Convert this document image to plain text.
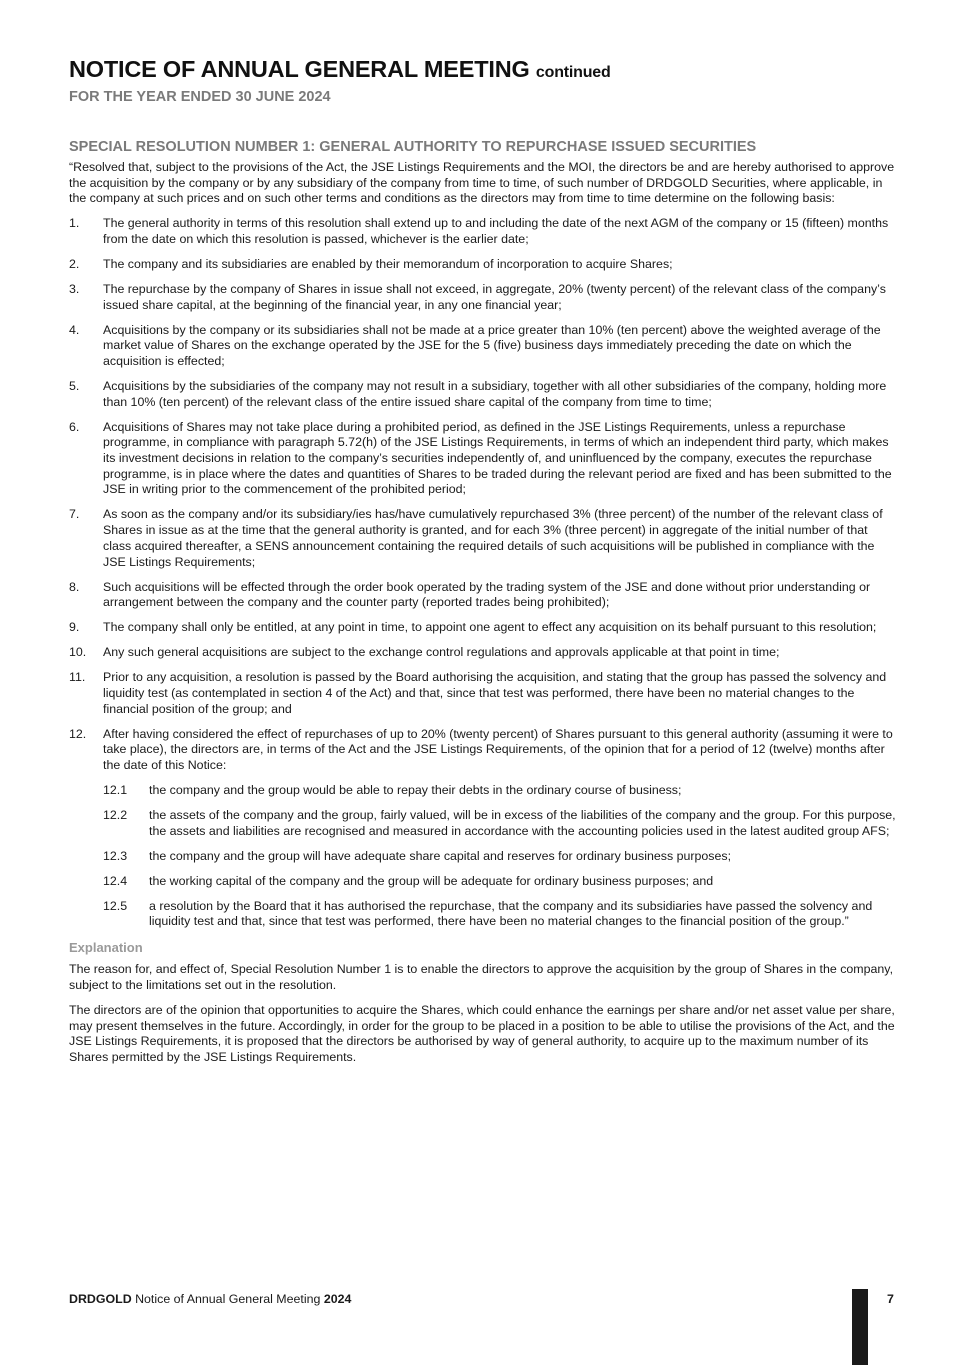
NOTICE OF ANNUAL GENERAL MEETING continued
FOR THE YEAR ENDED 30 JUNE 2024
SPECIAL RESOLUTION NUMBER 1: GENERAL AUTHORITY TO REPURCHASE ISSUED SECURITIES

“Resolved that, subject to the provisions of the Act, the JSE Listings Requirements and the MOI, the directors be and are hereby authorised to approve the acquisition by the company or by any subsidiary of the company from time to time, of such number of DRDGOLD Securities, where applicable, in the company at such prices and on such other terms and conditions as the directors may from time to time determine on the following basis:

1.	The general authority in terms of this resolution shall extend up to and including the date of the next AGM of the company or 15 (fifteen) months from the date on which this resolution is passed, whichever is the earlier date;
2.	The company and its subsidiaries are enabled by their memorandum of incorporation to acquire Shares;
3.	The repurchase by the company of Shares in issue shall not exceed, in aggregate, 20% (twenty percent) of the relevant class of the company’s issued share capital, at the beginning of the financial year, in any one financial year;
4.	Acquisitions by the company or its subsidiaries shall not be made at a price greater than 10% (ten percent) above the weighted average of the market value of Shares on the exchange operated by the JSE for the 5 (five) business days immediately preceding the date on which the acquisition is effected;
5.	Acquisitions by the subsidiaries of the company may not result in a subsidiary, together with all other subsidiaries of the company, holding more than 10% (ten percent) of the relevant class of the entire issued share capital of the company from time to time;
6.	Acquisitions of Shares may not take place during a prohibited period, as defined in the JSE Listings Requirements, unless a repurchase programme, in compliance with paragraph 5.72(h) of the JSE Listings Requirements, in terms of which an independent third party, which makes its investment decisions in relation to the company’s securities independently of, and uninfluenced by the company, executes the repurchase programme, is in place where the dates and quantities of Shares to be traded during the relevant period are fixed and has been submitted to the JSE in writing prior to the commencement of the prohibited period;
7.	As soon as the company and/or its subsidiary/ies has/have cumulatively repurchased 3% (three percent) of the number of the relevant class of Shares in issue as at the time that the general authority is granted, and for each 3% (three percent) in aggregate of the initial number of that class acquired thereafter, a SENS announcement containing the required details of such acquisitions will be published in compliance with the JSE Listings Requirements;
8.	Such acquisitions will be effected through the order book operated by the trading system of the JSE and done without prior understanding or arrangement between the company and the counter party (reported trades being prohibited);
9.	The company shall only be entitled, at any point in time, to appoint one agent to effect any acquisition on its behalf pursuant to this resolution;
10.	Any such general acquisitions are subject to the exchange control regulations and approvals applicable at that point in time;
11.	Prior to any acquisition, a resolution is passed by the Board authorising the acquisition, and stating that the group has passed the solvency and liquidity test (as contemplated in section 4 of the Act) and that, since that test was performed, there have been no material changes to the financial position of the group; and
12.	After having considered the effect of repurchases of up to 20% (twenty percent) of Shares pursuant to this general authority (assuming it were to take place), the directors are, in terms of the Act and the JSE Listings Requirements, of the opinion that for a period of 12 (twelve) months after the date of this Notice:
12.1	the company and the group would be able to repay their debts in the ordinary course of business;
12.2	the assets of the company and the group, fairly valued, will be in excess of the liabilities of the company and the group. For this purpose, the assets and liabilities are recognised and measured in accordance with the accounting policies used in the latest audited group AFS;
12.3	the company and the group will have adequate share capital and reserves for ordinary business purposes;
12.4	the working capital of the company and the group will be adequate for ordinary business purposes; and
12.5	a resolution by the Board that it has authorised the repurchase, that the company and its subsidiaries have passed the solvency and liquidity test and that, since that test was performed, there have been no material changes to the financial position of the group.”
Explanation

The reason for, and effect of, Special Resolution Number 1 is to enable the directors to approve the acquisition by the group of Shares in the company, subject to the limitations set out in the resolution.

The directors are of the opinion that opportunities to acquire the Shares, which could enhance the earnings per share and/or net asset value per share, may present themselves in the future. Accordingly, in order for the group to be placed in a position to be able to utilise the provisions of the Act, and the JSE Listings Requirements, it is proposed that the directors be authorised by way of general authority, to acquire up to the maximum number of its Shares permitted by the JSE Listings Requirements.

DRDGOLD Notice of Annual General Meeting 2024	7
